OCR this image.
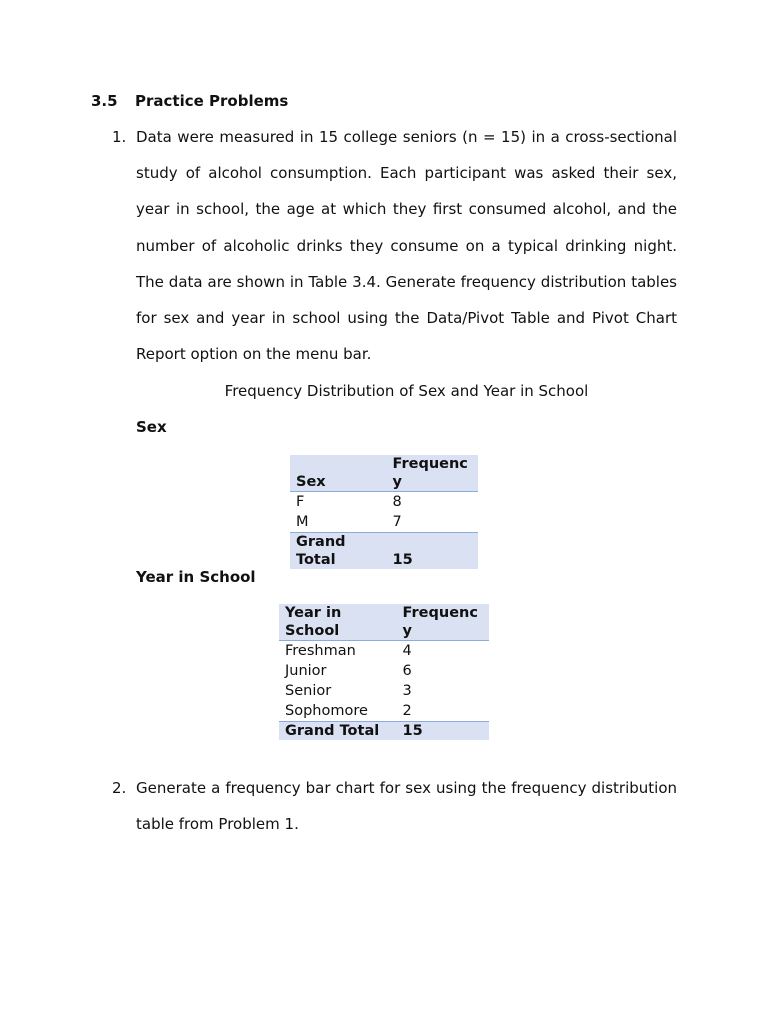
3.5 Practice Problems
1. Data were measured in 15 college seniors (n = 15) in a cross-sectional study of alcohol consumption. Each participant was asked their sex, year in school, the age at which they first consumed alcohol, and the number of alcoholic drinks they consume on a typical drinking night. The data are shown in Table 3.4. Generate frequency distribution tables for sex and year in school using the Data/Pivot Table and Pivot Chart Report option on the menu bar.
Frequency Distribution of Sex and Year in School
Sex
Sex	Frequency
F	8
M	7

Grand Total	15
Year in School
Year in School	Frequency
Freshman	4
Junior	6
Senior	3
Sophomore	2
Grand Total	15
2. Generate a frequency bar chart for sex using the frequency distribution table from Problem 1.
